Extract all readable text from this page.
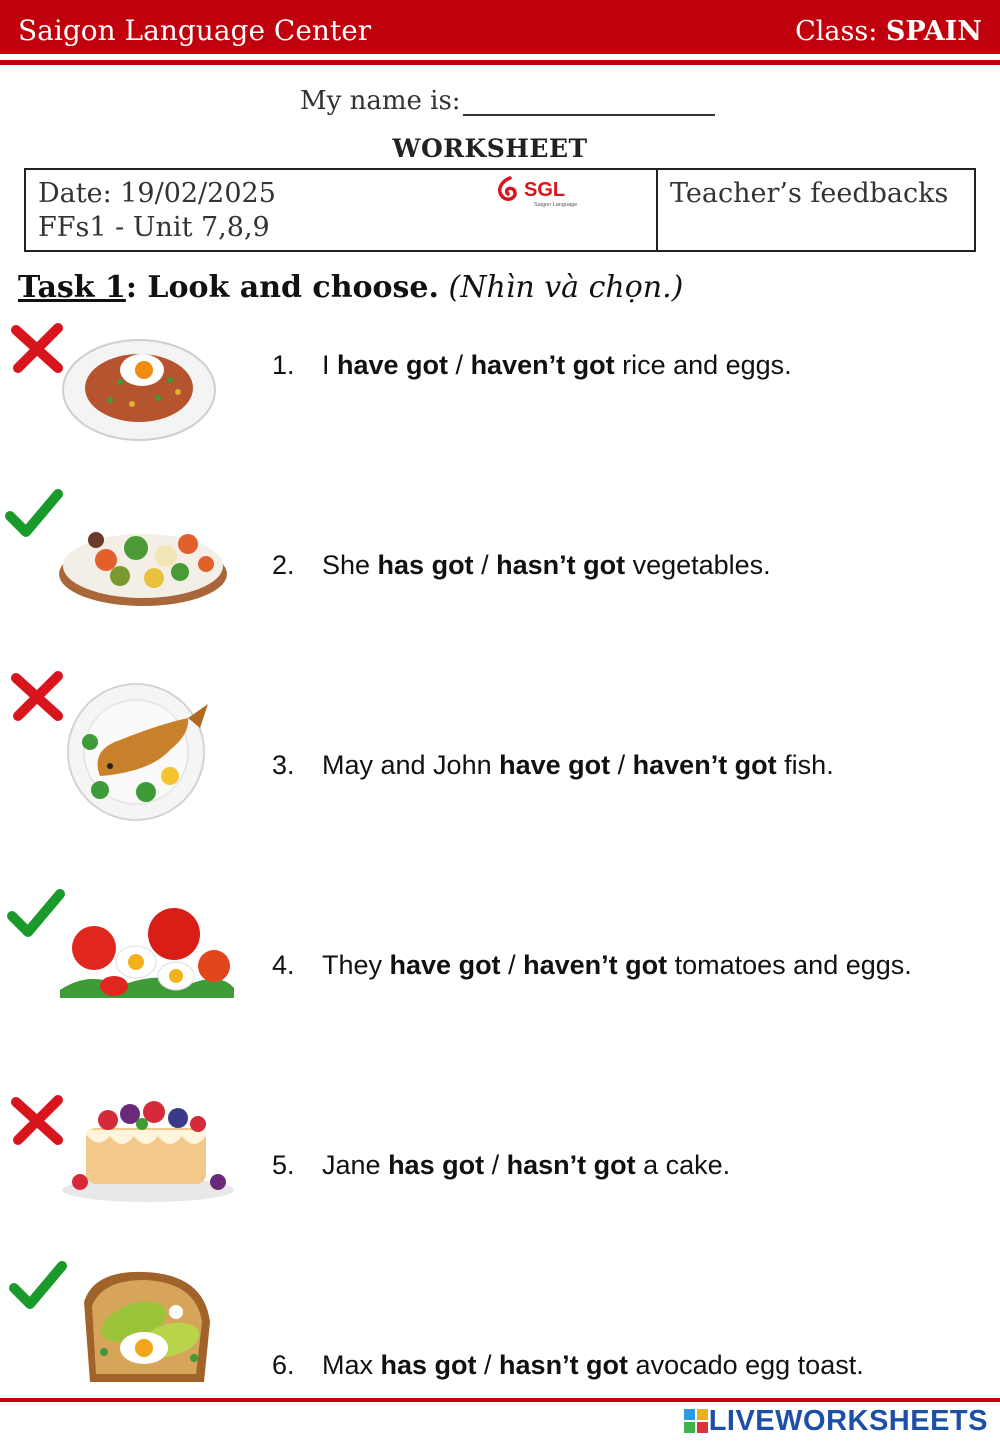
Saigon Language Center	Class: SPAIN
My name is:
WORKSHEET
Date: 19/02/2025
FFs1 - Unit 7,8,9
SGL
Saigon Language	Teacher’s feedbacks
Task 1: Look and choose. (Nhìn và chọn.)
1. I have got / haven’t got rice and eggs.
2. She has got / hasn’t got vegetables.
3. May and John have got / haven’t got fish.
4. They have got / haven’t got tomatoes and eggs.
5. Jane has got / hasn’t got a cake.
6. Max has got / hasn’t got avocado egg toast.
LIVEWORKSHEETS
